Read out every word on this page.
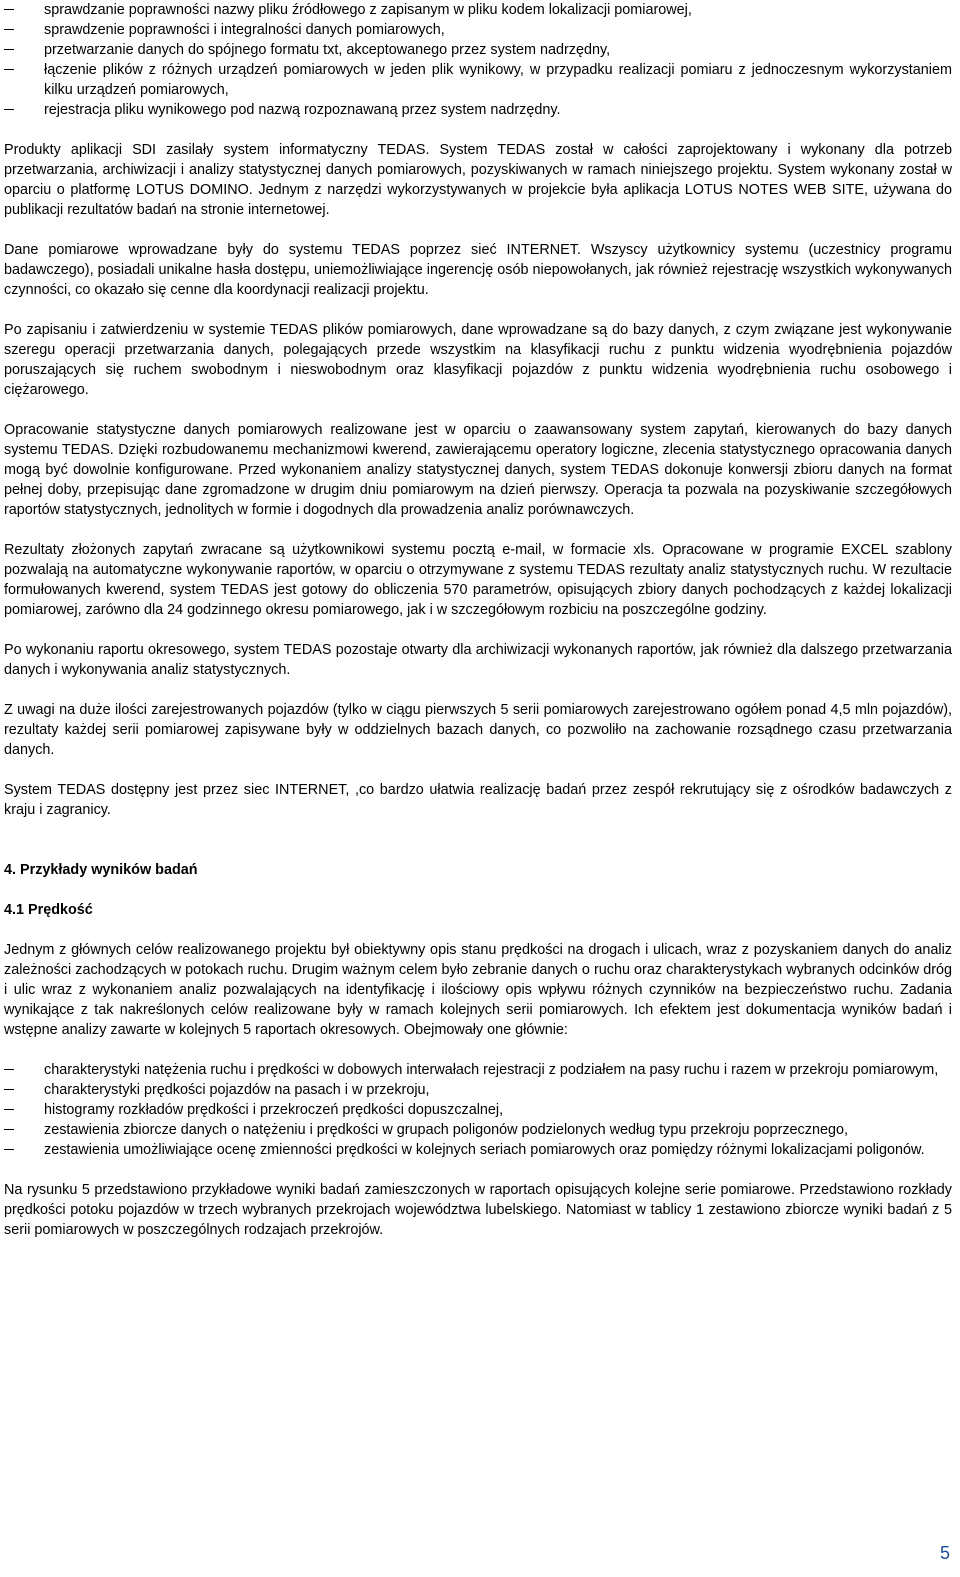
sprawdzanie poprawności nazwy pliku źródłowego z zapisanym w pliku kodem lokalizacji pomiarowej,
sprawdzenie poprawności i integralności danych pomiarowych,
przetwarzanie danych do spójnego formatu txt, akceptowanego przez system nadrzędny,
łączenie plików z różnych urządzeń pomiarowych w jeden plik wynikowy, w przypadku realizacji pomiaru z jednoczesnym wykorzystaniem kilku urządzeń pomiarowych,
rejestracja pliku wynikowego pod nazwą rozpoznawaną przez system nadrzędny.

Produkty aplikacji SDI zasilały system informatyczny TEDAS. System TEDAS został w całości zaprojektowany i wykonany dla potrzeb przetwarzania, archiwizacji i analizy statystycznej danych pomiarowych, pozyskiwanych w ramach niniejszego projektu. System wykonany został w oparciu o platformę LOTUS DOMINO. Jednym z narzędzi wykorzystywanych w projekcie była aplikacja LOTUS NOTES WEB SITE, używana do publikacji rezultatów badań na stronie internetowej.

Dane pomiarowe wprowadzane były do systemu TEDAS poprzez sieć INTERNET. Wszyscy użytkownicy systemu (uczestnicy programu badawczego), posiadali unikalne hasła dostępu, uniemożliwiające ingerencję osób niepowołanych, jak również rejestrację wszystkich wykonywanych czynności, co okazało się cenne dla koordynacji realizacji projektu.

Po zapisaniu i zatwierdzeniu w systemie TEDAS plików pomiarowych, dane wprowadzane są do bazy danych, z czym związane jest wykonywanie szeregu operacji przetwarzania danych, polegających przede wszystkim na klasyfikacji ruchu z punktu widzenia wyodrębnienia pojazdów poruszających się ruchem swobodnym i nieswobodnym oraz klasyfikacji pojazdów z punktu widzenia wyodrębnienia ruchu osobowego i ciężarowego.

Opracowanie statystyczne danych pomiarowych realizowane jest w oparciu o zaawansowany system zapytań, kierowanych do bazy danych systemu TEDAS. Dzięki rozbudowanemu mechanizmowi kwerend, zawierającemu operatory logiczne, zlecenia statystycznego opracowania danych mogą być dowolnie konfigurowane. Przed wykonaniem analizy statystycznej danych, system TEDAS dokonuje konwersji zbioru danych na format pełnej doby, przepisując dane zgromadzone w drugim dniu pomiarowym na dzień pierwszy. Operacja ta pozwala na pozyskiwanie szczegółowych raportów statystycznych, jednolitych w formie i dogodnych dla prowadzenia analiz porównawczych.

Rezultaty złożonych zapytań zwracane są użytkownikowi systemu pocztą e-mail, w formacie xls. Opracowane w programie EXCEL szablony pozwalają na automatyczne wykonywanie raportów, w oparciu o otrzymywane z systemu TEDAS rezultaty analiz statystycznych ruchu. W rezultacie formułowanych kwerend, system TEDAS jest gotowy do obliczenia 570 parametrów, opisujących zbiory danych pochodzących z każdej lokalizacji pomiarowej, zarówno dla 24 godzinnego okresu pomiarowego, jak i w szczegółowym rozbiciu na poszczególne godziny.

Po wykonaniu raportu okresowego, system TEDAS pozostaje otwarty dla archiwizacji wykonanych raportów, jak również dla dalszego przetwarzania danych i wykonywania analiz statystycznych.

Z uwagi na duże ilości zarejestrowanych pojazdów (tylko w ciągu pierwszych 5 serii pomiarowych zarejestrowano ogółem ponad 4,5 mln pojazdów), rezultaty każdej serii pomiarowej zapisywane były w oddzielnych bazach danych, co pozwoliło na zachowanie rozsądnego czasu przetwarzania danych.

System TEDAS dostępny jest przez siec INTERNET, ,co bardzo ułatwia realizację badań przez zespół rekrutujący się z ośrodków badawczych z kraju i zagranicy.

4. Przykłady wyników badań
4.1 Prędkość

Jednym z głównych celów realizowanego projektu był obiektywny opis stanu prędkości na drogach i ulicach, wraz z pozyskaniem danych do analiz zależności zachodzących w potokach ruchu. Drugim ważnym celem było zebranie danych o ruchu oraz charakterystykach wybranych odcinków dróg i ulic wraz z wykonaniem analiz pozwalających na identyfikację i ilościowy opis wpływu różnych czynników na bezpieczeństwo ruchu. Zadania wynikające z tak nakreślonych celów realizowane były w ramach kolejnych serii pomiarowych. Ich efektem jest dokumentacja wyników badań i wstępne analizy zawarte w kolejnych 5 raportach okresowych. Obejmowały one głównie:

charakterystyki natężenia ruchu i prędkości w dobowych interwałach rejestracji z podziałem na pasy ruchu i razem w przekroju pomiarowym,
charakterystyki prędkości pojazdów na pasach i w przekroju,
histogramy rozkładów prędkości i przekroczeń prędkości dopuszczalnej,
zestawienia zbiorcze danych o natężeniu i prędkości w grupach poligonów podzielonych według typu przekroju poprzecznego,
zestawienia umożliwiające ocenę zmienności prędkości w kolejnych seriach pomiarowych oraz pomiędzy różnymi lokalizacjami poligonów.

Na rysunku 5 przedstawiono przykładowe wyniki badań zamieszczonych w raportach opisujących kolejne serie pomiarowe. Przedstawiono rozkłady prędkości potoku pojazdów w trzech wybranych przekrojach województwa lubelskiego. Natomiast w tablicy 1 zestawiono zbiorcze wyniki badań z 5 serii pomiarowych w poszczególnych rodzajach przekrojów.

5
